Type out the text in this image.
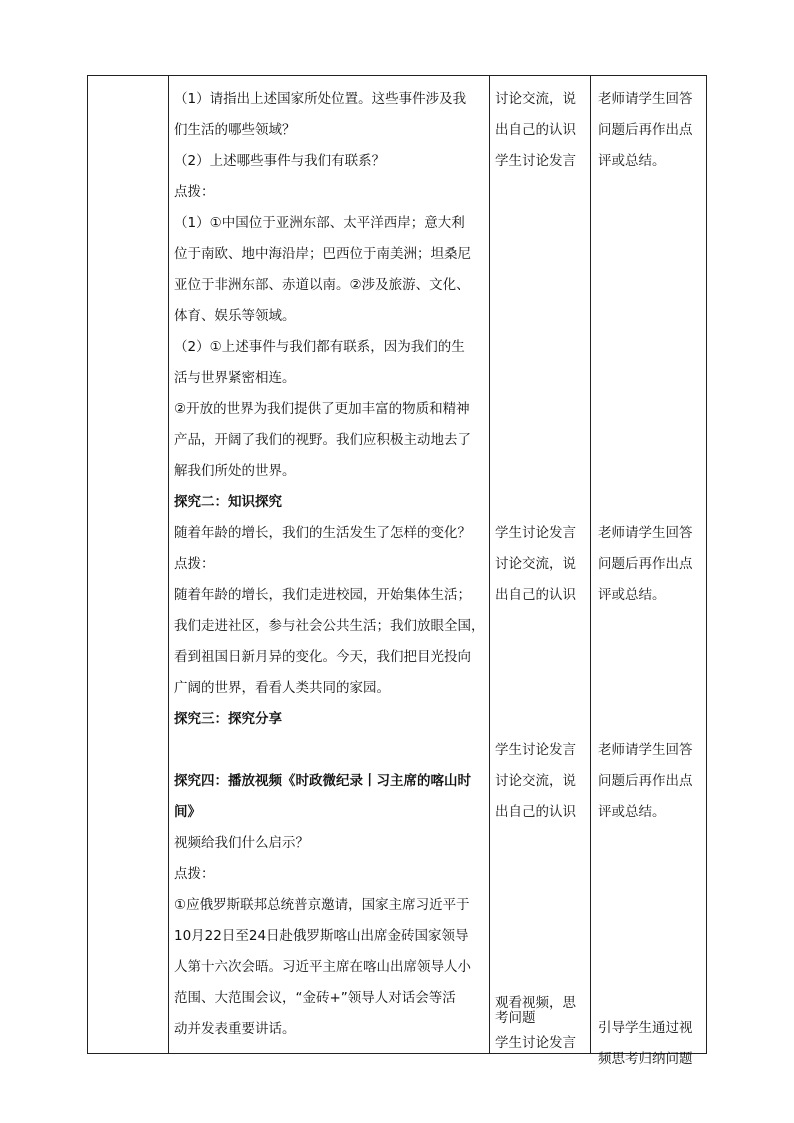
（1）请指出上述国家所处位置。这些事件涉及我

们生活的哪些领域？

（2）上述哪些事件与我们有联系？

点拨：

（1）①中国位于亚洲东部、太平洋西岸；意大利

位于南欧、地中海沿岸；巴西位于南美洲；坦桑尼

亚位于非洲东部、赤道以南。②涉及旅游、文化、

体育、娱乐等领域。

（2）①上述事件与我们都有联系，因为我们的生

活与世界紧密相连。

②开放的世界为我们提供了更加丰富的物质和精神

产品，开阔了我们的视野。我们应积极主动地去了

解我们所处的世界。

探究二：知识探究

随着年龄的增长，我们的生活发生了怎样的变化？

点拨：

随着年龄的增长，我们走进校园，开始集体生活；

我们走进社区，参与社会公共生活；我们放眼全国，

看到祖国日新月异的变化。今天，我们把目光投向

广阔的世界，看看人类共同的家园。

探究三：探究分享

探究四：播放视频《时政微纪录丨习主席的喀山时

间》

视频给我们什么启示？

点拨：

①应俄罗斯联邦总统普京邀请，国家主席习近平于

10月22日至24日赴俄罗斯喀山出席金砖国家领导

人第十六次会晤。习近平主席在喀山出席领导人小

范围、大范围会议，“金砖+”领导人对话会等活

动并发表重要讲话。

讨论交流，说

出自己的认识

学生讨论发言

学生讨论发言

讨论交流，说

出自己的认识

学生讨论发言

讨论交流，说

出自己的认识

观看视频，思

考问题

学生讨论发言

老师请学生回答

问题后再作出点

评或总结。

老师请学生回答

问题后再作出点

评或总结。

老师请学生回答

问题后再作出点

评或总结。

引导学生通过视

频思考归纳问题
